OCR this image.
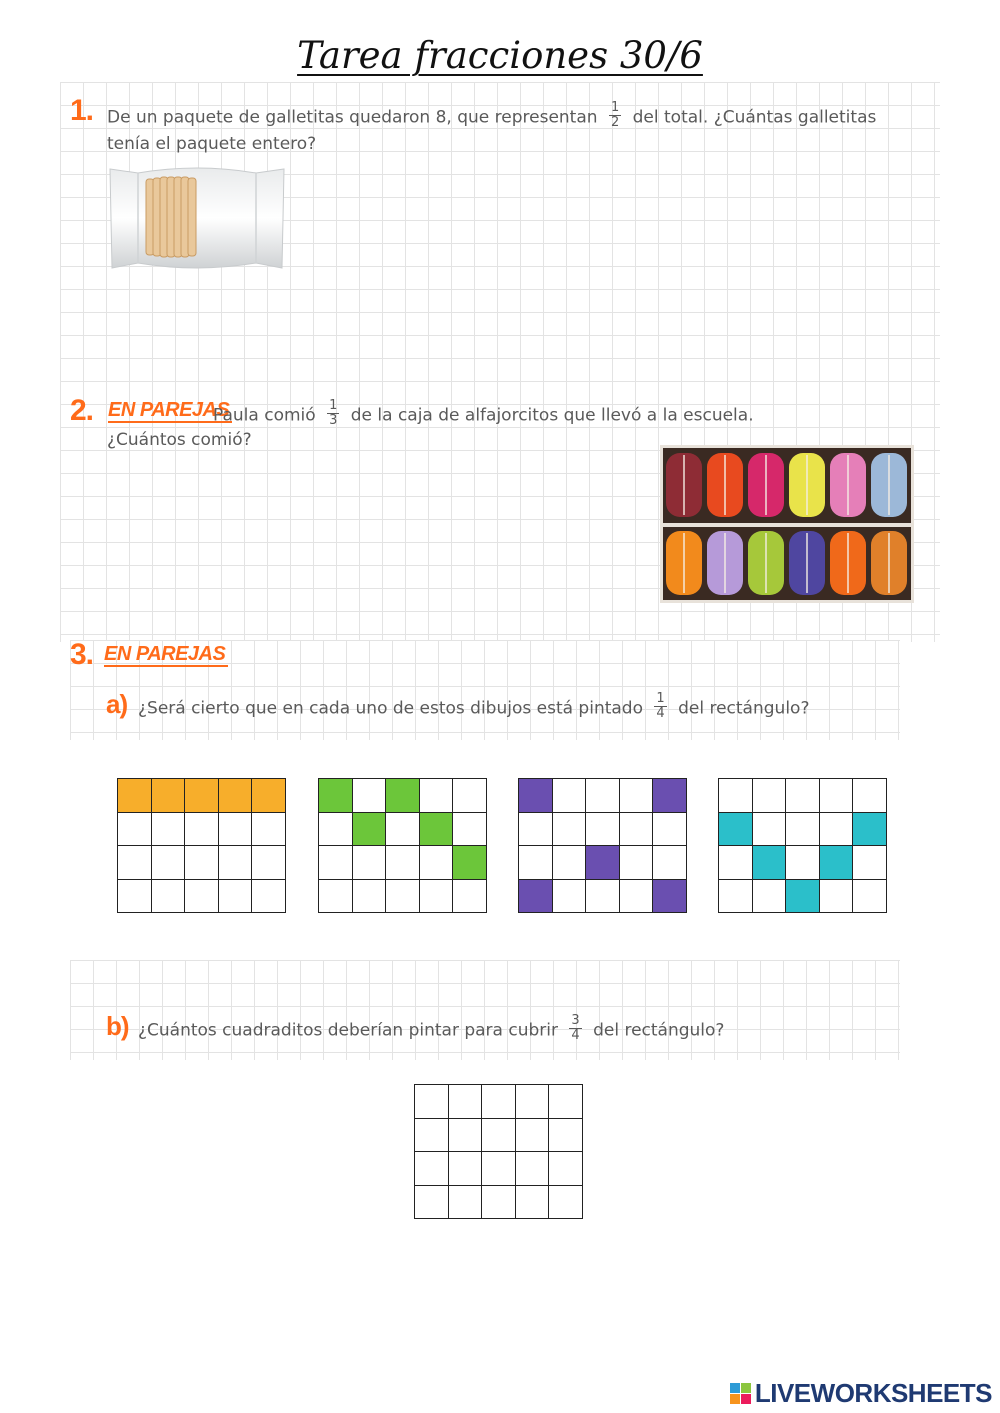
Tarea fracciones 30/6
1. De un paquete de galletitas quedaron 8, que representan $\frac{1}{2}$ del total. ¿Cuántas galletitas
tenía el paquete entero?
2. EN PAREJAS
Paula comió $\frac{1}{3}$ de la caja de alfajorcitos que llevó a la escuela.
¿Cuántos comió?
3. EN PAREJAS
a) ¿Será cierto que en cada uno de estos dibujos está pintado $\frac{1}{4}$ del rectángulo?
b) ¿Cuántos cuadraditos deberían pintar para cubrir $\frac{3}{4}$ del rectángulo?
LIVEWORKSHEETS
